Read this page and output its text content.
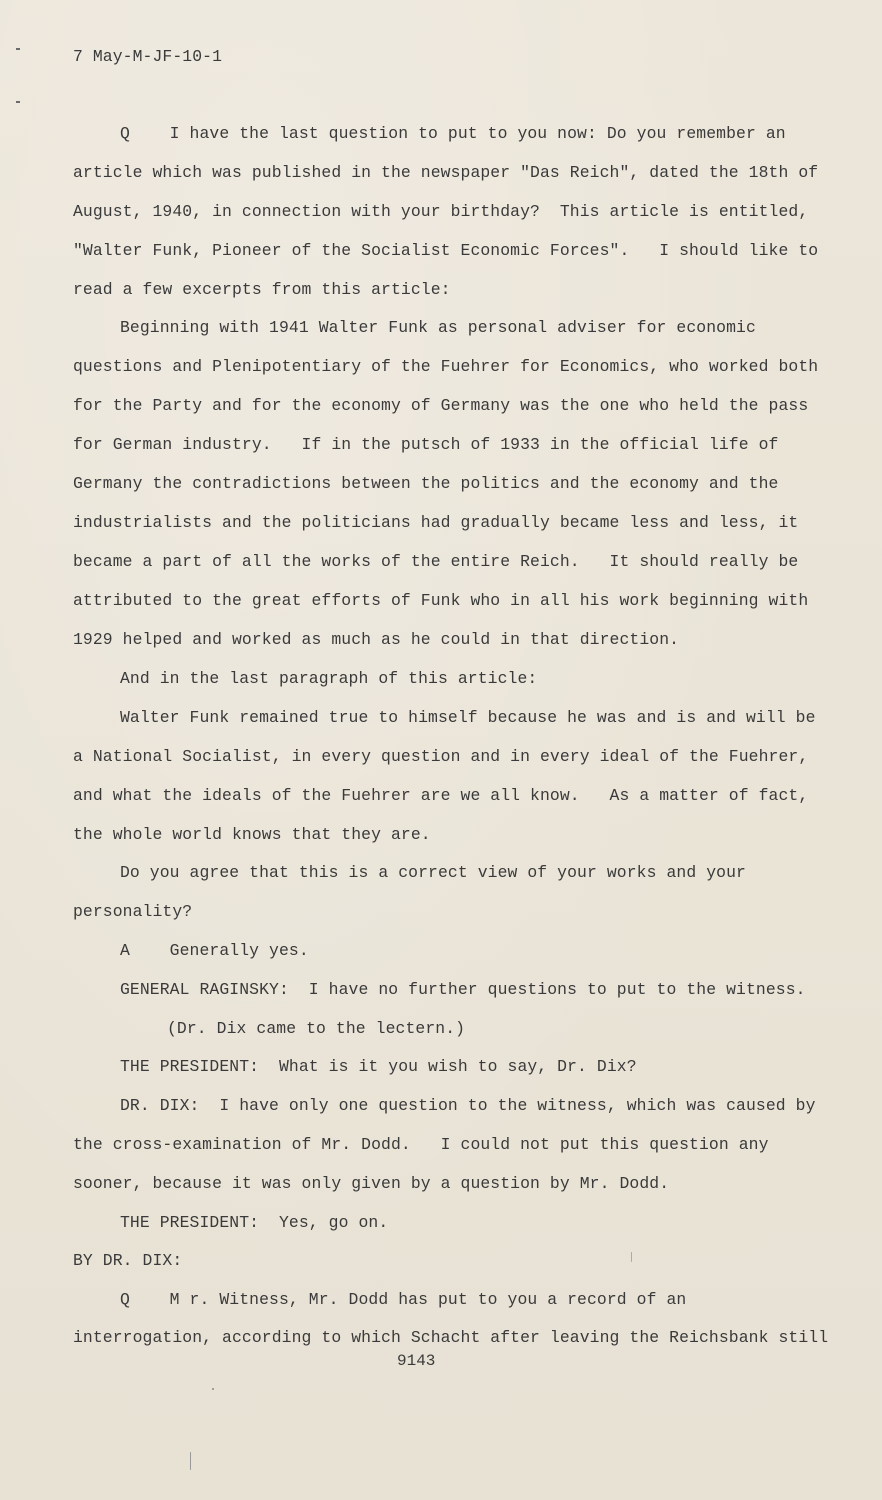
7 May-M-JF-10-1
Q    I have the last question to put to you now: Do you remember an
article which was published in the newspaper "Das Reich", dated the 18th of
August, 1940, in connection with your birthday?  This article is entitled,
"Walter Funk, Pioneer of the Socialist Economic Forces".   I should like to
read a few excerpts from this article:
Beginning with 1941 Walter Funk as personal adviser for economic
questions and Plenipotentiary of the Fuehrer for Economics, who worked both
for the Party and for the economy of Germany was the one who held the pass
for German industry.   If in the putsch of 1933 in the official life of
Germany the contradictions between the politics and the economy and the
industrialists and the politicians had gradually became less and less, it
became a part of all the works of the entire Reich.   It should really be
attributed to the great efforts of Funk who in all his work beginning with
1929 helped and worked as much as he could in that direction.
And in the last paragraph of this article:
Walter Funk remained true to himself because he was and is and will be
a National Socialist, in every question and in every ideal of the Fuehrer,
and what the ideals of the Fuehrer are we all know.   As a matter of fact,
the whole world knows that they are.
Do you agree that this is a correct view of your works and your
personality?
A    Generally yes.
GENERAL RAGINSKY:  I have no further questions to put to the witness.
(Dr. Dix came to the lectern.)
THE PRESIDENT:  What is it you wish to say, Dr. Dix?
DR. DIX:  I have only one question to the witness, which was caused by
the cross-examination of Mr. Dodd.   I could not put this question any
sooner, because it was only given by a question by Mr. Dodd.
THE PRESIDENT:  Yes, go on.
BY DR. DIX:
Q    M r. Witness, Mr. Dodd has put to you a record of an
interrogation, according to which Schacht after leaving the Reichsbank still
9143
